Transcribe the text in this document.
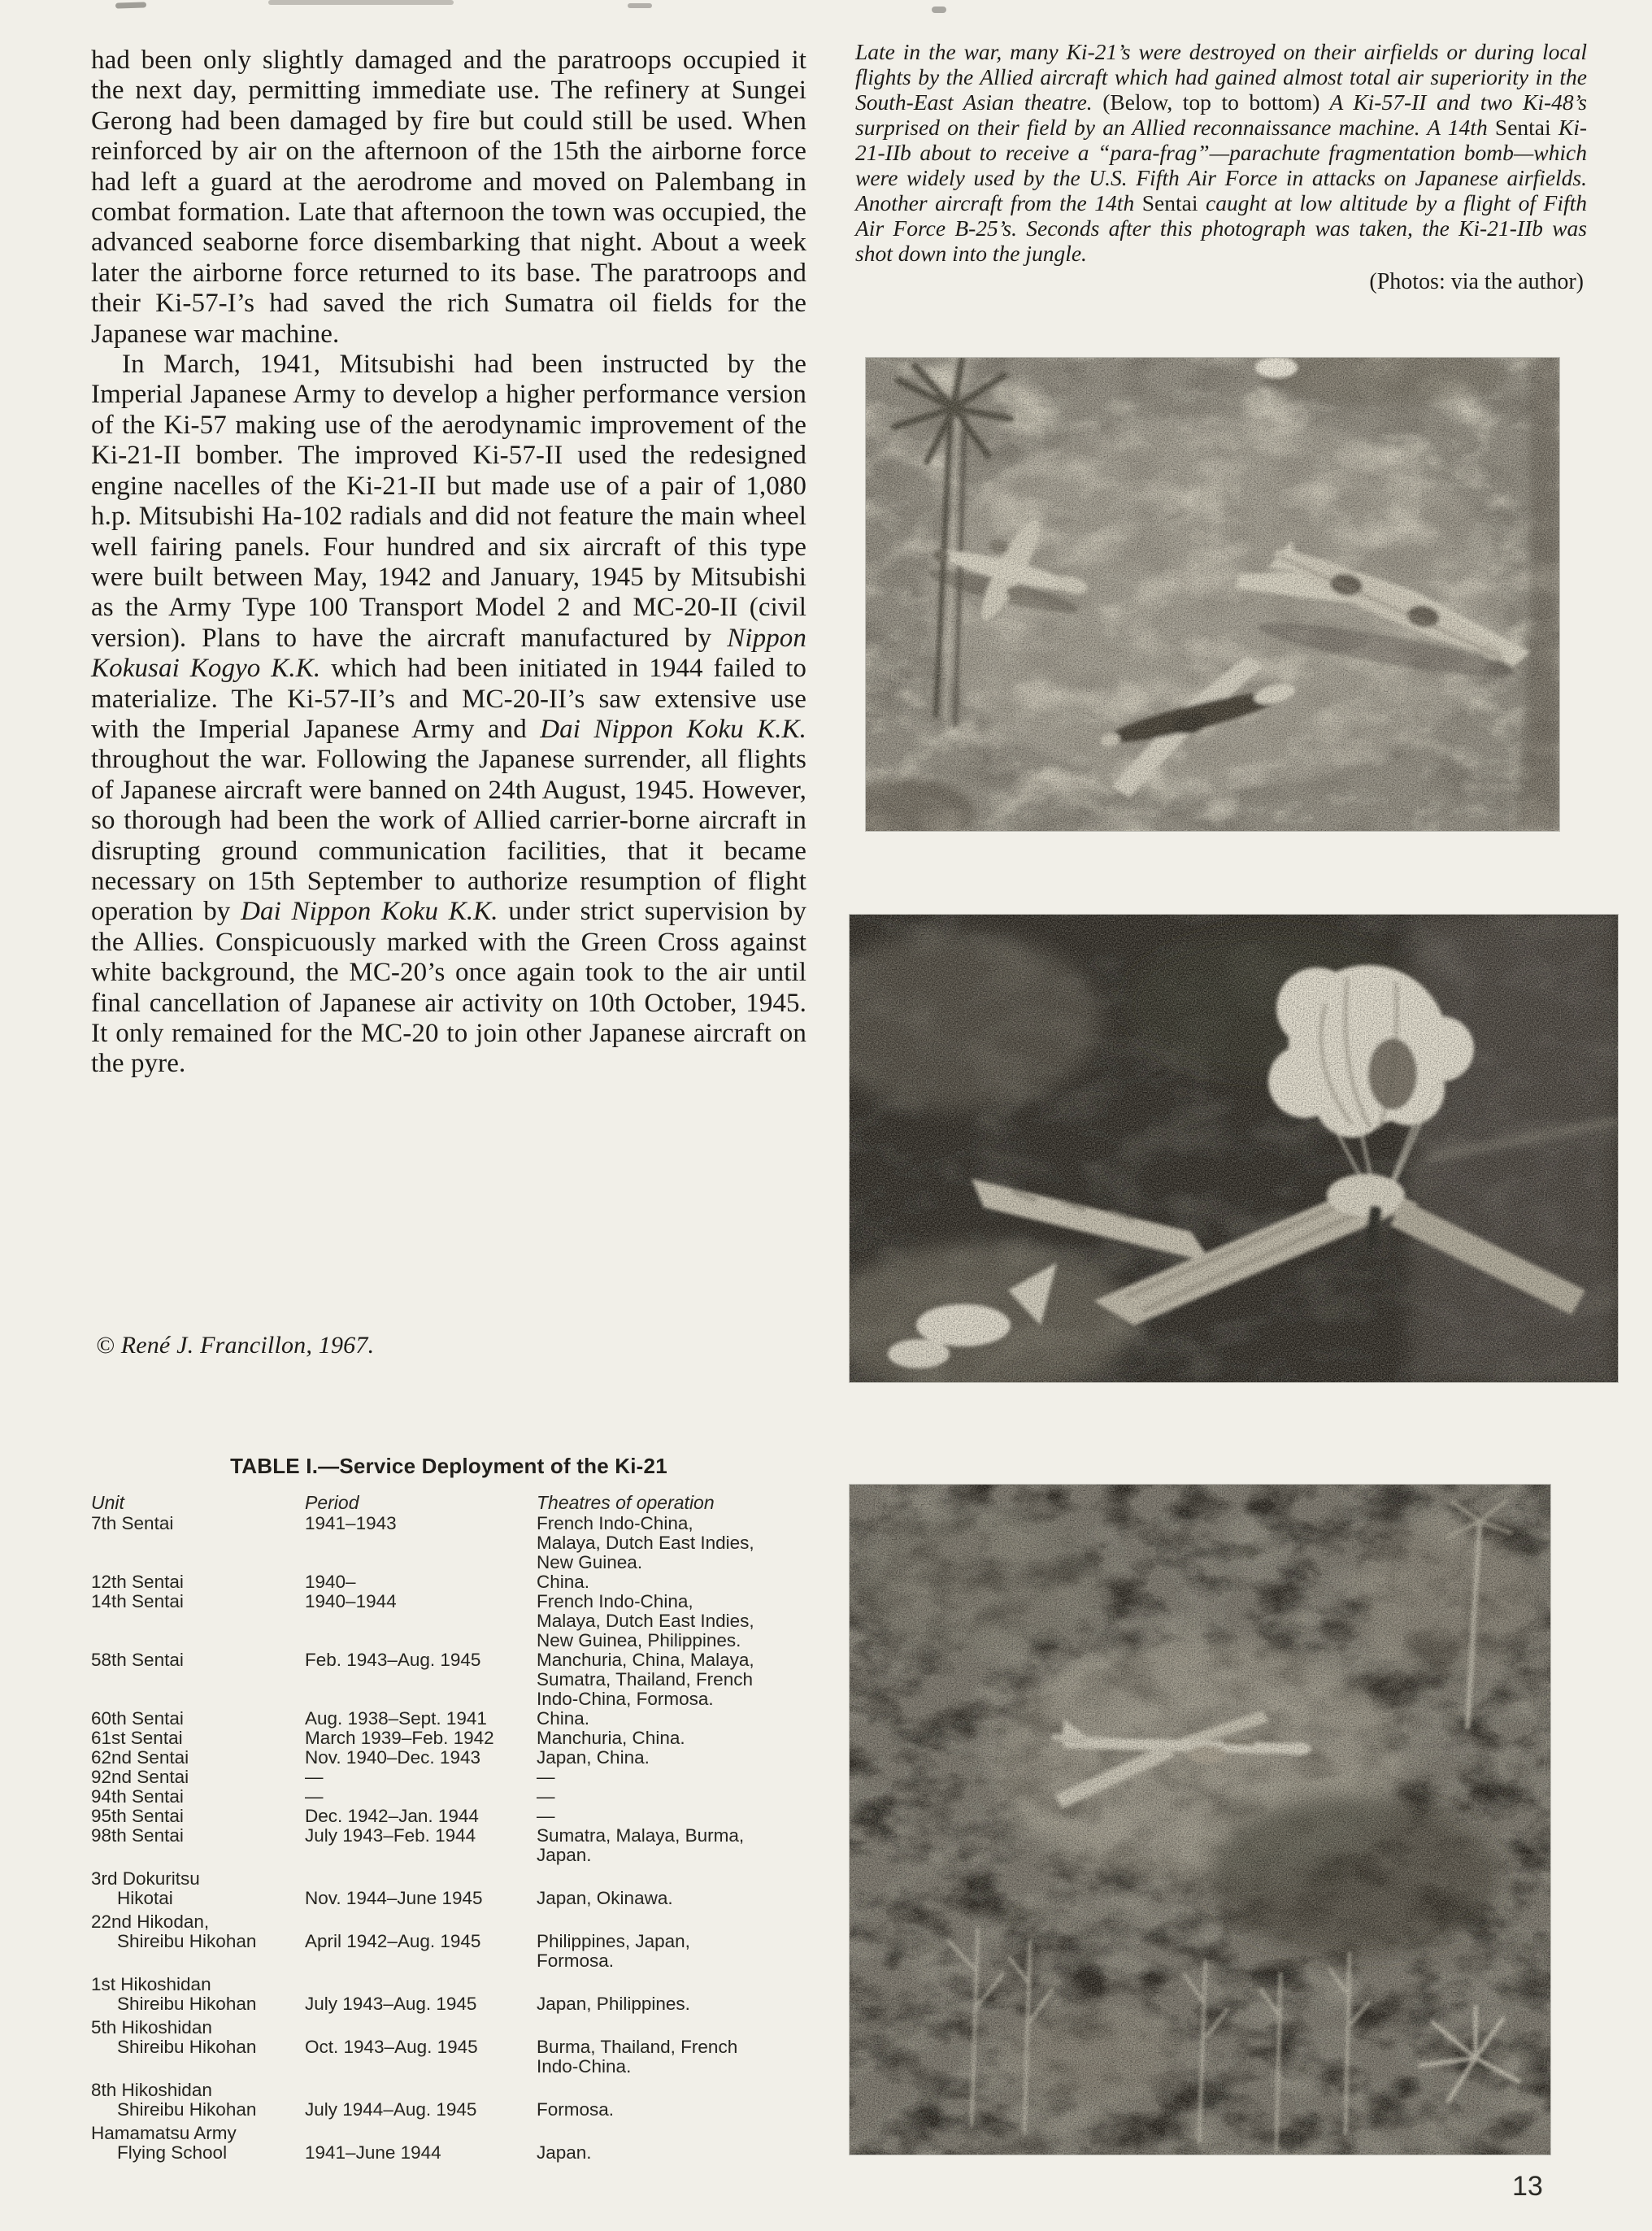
had been only slightly damaged and the paratroops occupied it the next day, permitting immediate use. The refinery at Sungei Gerong had been damaged by fire but could still be used. When reinforced by air on the afternoon of the 15th the airborne force had left a guard at the aerodrome and moved on Palembang in combat formation. Late that afternoon the town was occupied, the advanced seaborne force disembarking that night. About a week later the airborne force returned to its base. The paratroops and their Ki-57-I’s had saved the rich Sumatra oil fields for the Japanese war machine.

In March, 1941, Mitsubishi had been instructed by the Imperial Japanese Army to develop a higher performance version of the Ki-57 making use of the aerodynamic improvement of the Ki-21-II bomber. The improved Ki-57-II used the redesigned engine nacelles of the Ki-21-II but made use of a pair of 1,080 h.p. Mitsubishi Ha-102 radials and did not feature the main wheel well fairing panels. Four hundred and six aircraft of this type were built between May, 1942 and January, 1945 by Mitsubishi as the Army Type 100 Transport Model 2 and MC-20-II (civil version). Plans to have the aircraft manufactured by Nippon Kokusai Kogyo K.K. which had been initiated in 1944 failed to materialize. The Ki-57-II’s and MC-20-II’s saw extensive use with the Imperial Japanese Army and Dai Nippon Koku K.K. throughout the war. Following the Japanese surrender, all flights of Japanese aircraft were banned on 24th August, 1945. However, so thorough had been the work of Allied carrier-borne aircraft in disrupting ground communication facilities, that it became necessary on 15th September to authorize resumption of flight operation by Dai Nippon Koku K.K. under strict supervision by the Allies. Conspicuously marked with the Green Cross against white background, the MC-20’s once again took to the air until final cancellation of Japanese air activity on 10th October, 1945. It only remained for the MC-20 to join other Japanese aircraft on the pyre.

© René J. Francillon, 1967.

Late in the war, many Ki-21’s were destroyed on their airfields or during local flights by the Allied aircraft which had gained almost total air superiority in the South-East Asian theatre. (Below, top to bottom) A Ki-57-II and two Ki-48’s surprised on their field by an Allied reconnaissance machine. A 14th Sentai Ki-21-IIb about to receive a “para-frag”—parachute fragmentation bomb—which were widely used by the U.S. Fifth Air Force in attacks on Japanese airfields. Another aircraft from the 14th Sentai caught at low altitude by a flight of Fifth Air Force B-25’s. Seconds after this photograph was taken, the Ki-21-IIb was shot down into the jungle.
(Photos: via the author)
TABLE I.—Service Deployment of the Ki-21
Unit	Period	Theatres of operation
7th Sentai	1941–1943	French Indo-China,
Malaya, Dutch East Indies,
New Guinea.
12th Sentai	1940–	China.
14th Sentai	1940–1944	French Indo-China,
Malaya, Dutch East Indies,
New Guinea, Philippines.
58th Sentai	Feb. 1943–Aug. 1945	Manchuria, China, Malaya,
Sumatra, Thailand, French
Indo-China, Formosa.
60th Sentai	Aug. 1938–Sept. 1941	China.
61st Sentai	March 1939–Feb. 1942	Manchuria, China.
62nd Sentai	Nov. 1940–Dec. 1943	Japan, China.
92nd Sentai	—	—
94th Sentai	—	—
95th Sentai	Dec. 1942–Jan. 1944	—
98th Sentai	July 1943–Feb. 1944	Sumatra, Malaya, Burma,
Japan.
3rd Dokuritsu
Hikotai	Nov. 1944–June 1945	Japan, Okinawa.
22nd Hikodan,
Shireibu Hikohan	April 1942–Aug. 1945	Philippines, Japan,
Formosa.
1st Hikoshidan
Shireibu Hikohan	July 1943–Aug. 1945	Japan, Philippines.
5th Hikoshidan
Shireibu Hikohan	Oct. 1943–Aug. 1945	Burma, Thailand, French
Indo-China.
8th Hikoshidan
Shireibu Hikohan	July 1944–Aug. 1945	Formosa.
Hamamatsu Army
Flying School	1941–June 1944	Japan.
13
